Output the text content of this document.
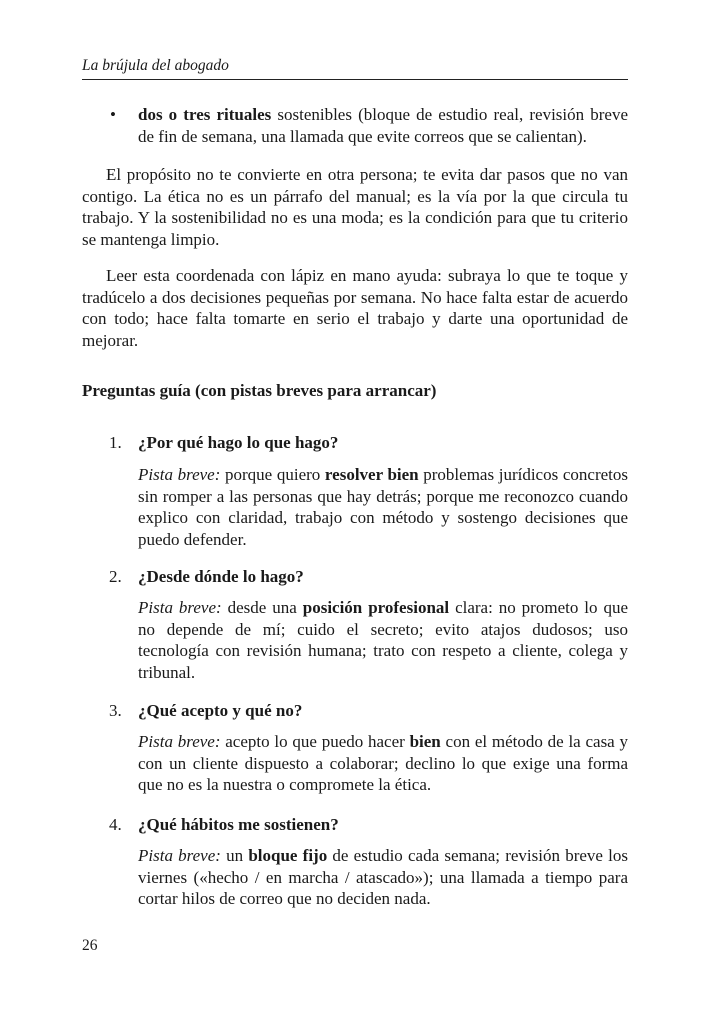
La brújula del abogado
• dos o tres rituales sostenibles (bloque de estudio real, revisión breve de fin de semana, una llamada que evite correos que se calientan).

El propósito no te convierte en otra persona; te evita dar pasos que no van contigo. La ética no es un párrafo del manual; es la vía por la que circula tu trabajo. Y la sostenibilidad no es una moda; es la condición para que tu criterio se mantenga limpio.

Leer esta coordenada con lápiz en mano ayuda: subraya lo que te toque y tradúcelo a dos decisiones pequeñas por semana. No hace falta estar de acuerdo con todo; hace falta tomarte en serio el trabajo y darte una oportunidad de mejorar.

Preguntas guía (con pistas breves para arrancar)
1. ¿Por qué hago lo que hago?

Pista breve: porque quiero resolver bien problemas jurídicos concretos sin romper a las personas que hay detrás; porque me reconozco cuando explico con claridad, trabajo con método y sostengo decisiones que puedo defender.

2. ¿Desde dónde lo hago?

Pista breve: desde una posición profesional clara: no prometo lo que no depende de mí; cuido el secreto; evito atajos dudosos; uso tecnología con revisión humana; trato con respeto a cliente, colega y tribunal.

3. ¿Qué acepto y qué no?

Pista breve: acepto lo que puedo hacer bien con el método de la casa y con un cliente dispuesto a colaborar; declino lo que exige una forma que no es la nuestra o compromete la ética.

4. ¿Qué hábitos me sostienen?

Pista breve: un bloque fijo de estudio cada semana; revisión breve los viernes («hecho / en marcha / atascado»); una llamada a tiempo para cortar hilos de correo que no deciden nada.

26
